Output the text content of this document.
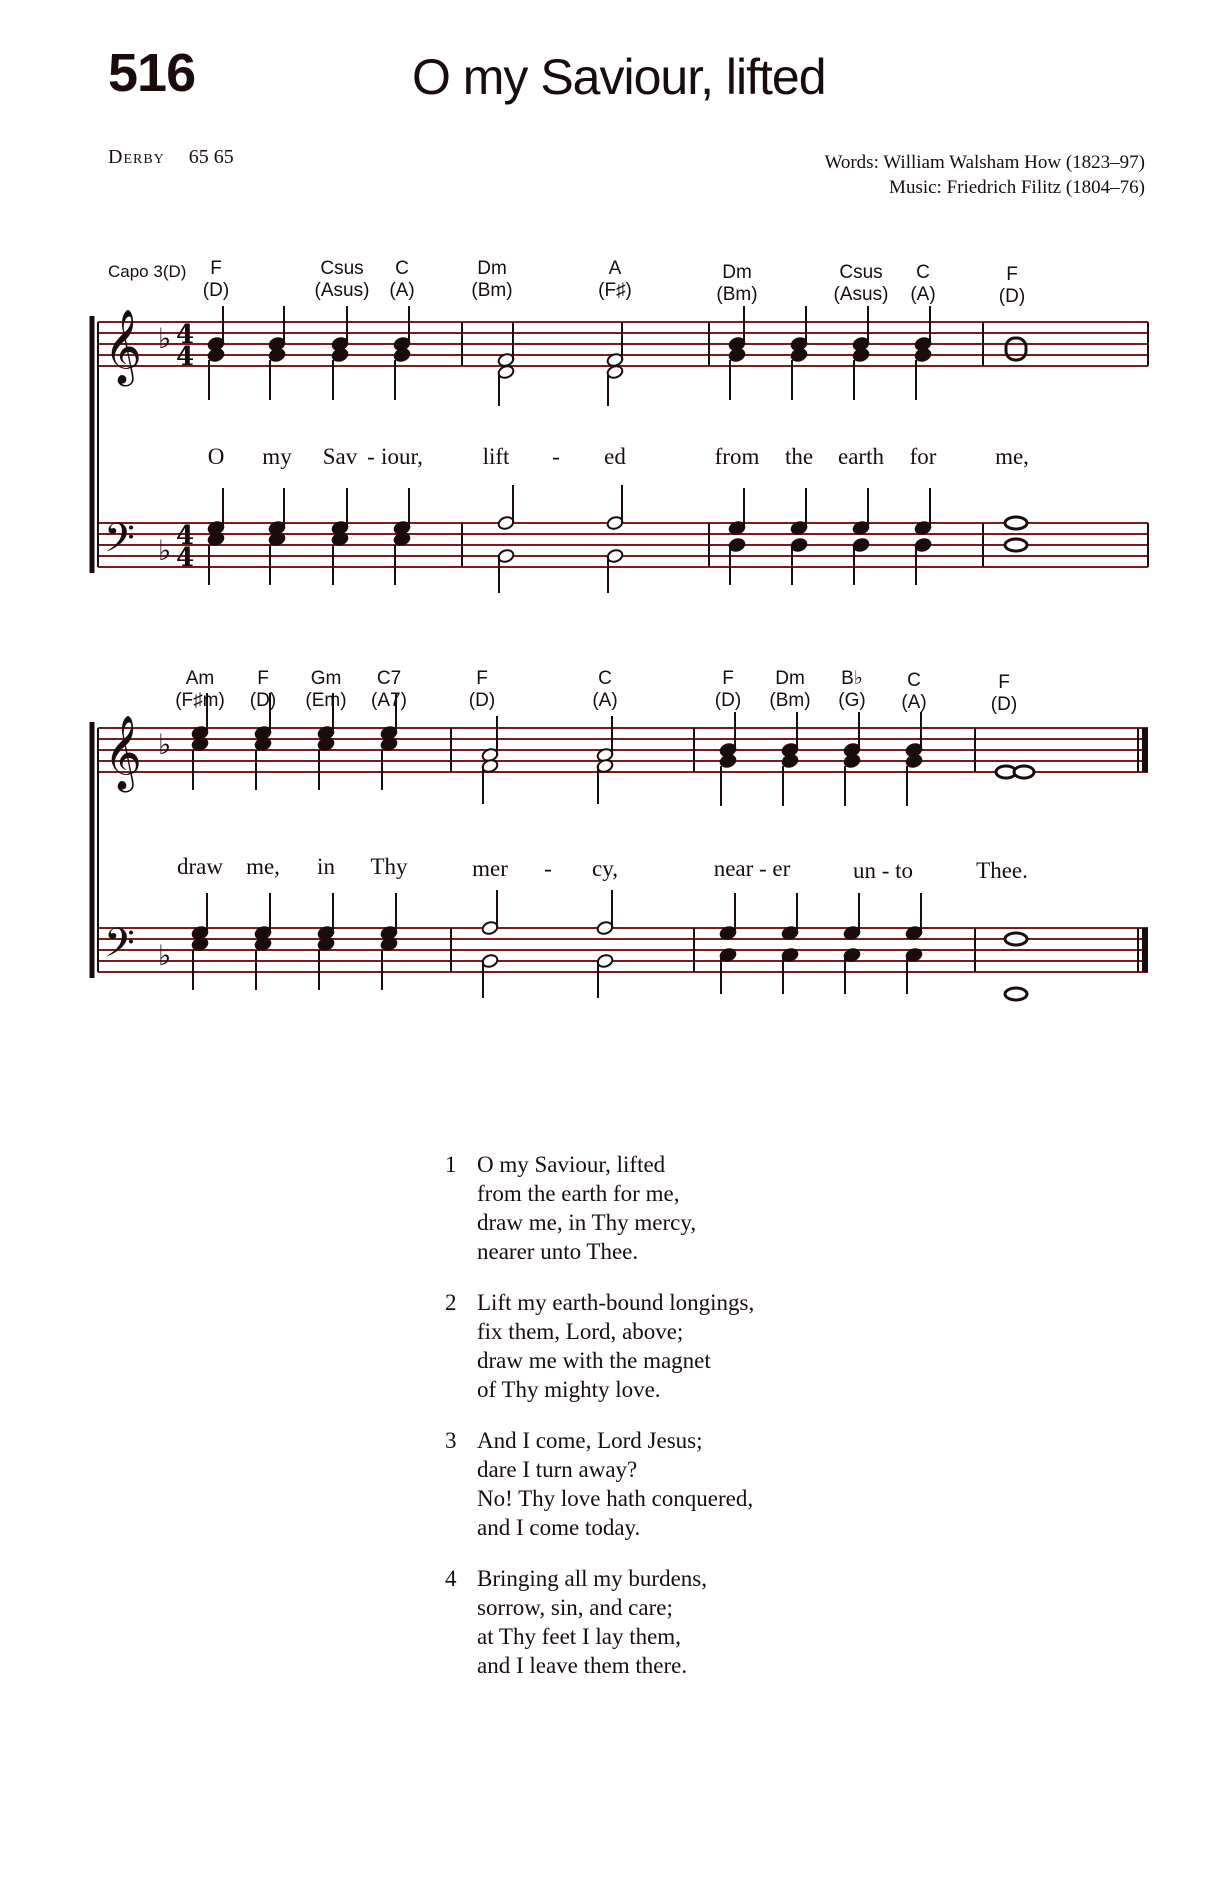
516	O my Saviour, lifted
Derby 65 65	Words: William Walsham How (1823–97)
Music: Friedrich Filitz (1804–76)
Capo 3(D)	F
(D)
Csus
(Asus)
C
(A)
Dm
(Bm)
A
(F♯)
Dm
(Bm)
Csus
(Asus)
C
(A)
F
(D)
O my Sav - iour,	lift - ed	from the earth for	me,
Am
(F♯m)
F
(D)
Gm
(Em)
C7
(A7)
F
(D)
C
(A)
F
(D)
Dm
(Bm)
B♭
(G)
C
(A)
F
(D)
draw me, in Thy	mer - cy,	near - er	un - to	Thee.
𝄞
𝄢
♭
♭
4
4
4
4
𝄞
𝄢
♭
♭
1 O my Saviour, lifted
from the earth for me,
draw me, in Thy mercy,
nearer unto Thee.
2 Lift my earth-bound longings,
fix them, Lord, above;
draw me with the magnet
of Thy mighty love.
3 And I come, Lord Jesus;
dare I turn away?
No! Thy love hath conquered,
and I come today.
4 Bringing all my burdens,
sorrow, sin, and care;
at Thy feet I lay them,
and I leave them there.
